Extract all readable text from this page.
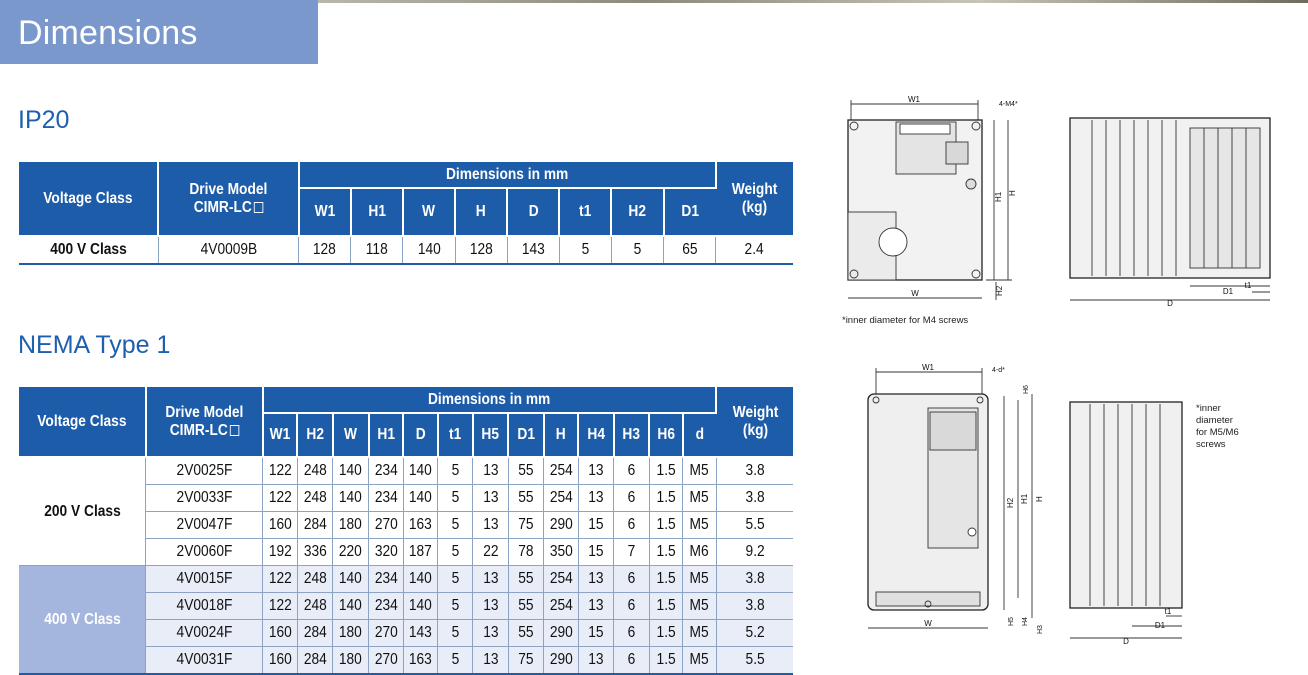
Dimensions
IP20
NEMA Type 1
Voltage Class	Drive Model
CIMR-LC	Dimensions in mm								Weight
(kg)
		W1	H1	W	H	D	t1	H2	D1	
400 V Class	4V0009B	128	118	140	128	143	5	5	65	2.4
Voltage Class	Drive Model
CIMR-LC	Dimensions in mm													Weight
(kg)
		W1	H2	W	H1	D	t1	H5	D1	H	H4	H3	H6	d	
200 V Class	2V0025F	122	248	140	234	140	5	13	55	254	13	6	1.5	M5	3.8
	2V0033F	122	248	140	234	140	5	13	55	254	13	6	1.5	M5	3.8
	2V0047F	160	284	180	270	163	5	13	75	290	15	6	1.5	M5	5.5
	2V0060F	192	336	220	320	187	5	22	78	350	15	7	1.5	M6	9.2
400 V Class	4V0015F	122	248	140	234	140	5	13	55	254	13	6	1.5	M5	3.8
	4V0018F	122	248	140	234	140	5	13	55	254	13	6	1.5	M5	3.8
	4V0024F	160	284	180	270	143	5	13	55	290	15	6	1.5	M5	5.2
	4V0031F	160	284	180	270	163	5	13	75	290	13	6	1.5	M5	5.5
W1
4-M4*
H1 H
H2
W
D
D1
t1
*inner diameter for M4 screws
W1	4-d*
H6
H2 H1 H
H5 H4
H3
W
D
D1
t1
*inner
diameter
for M5/M6
screws
